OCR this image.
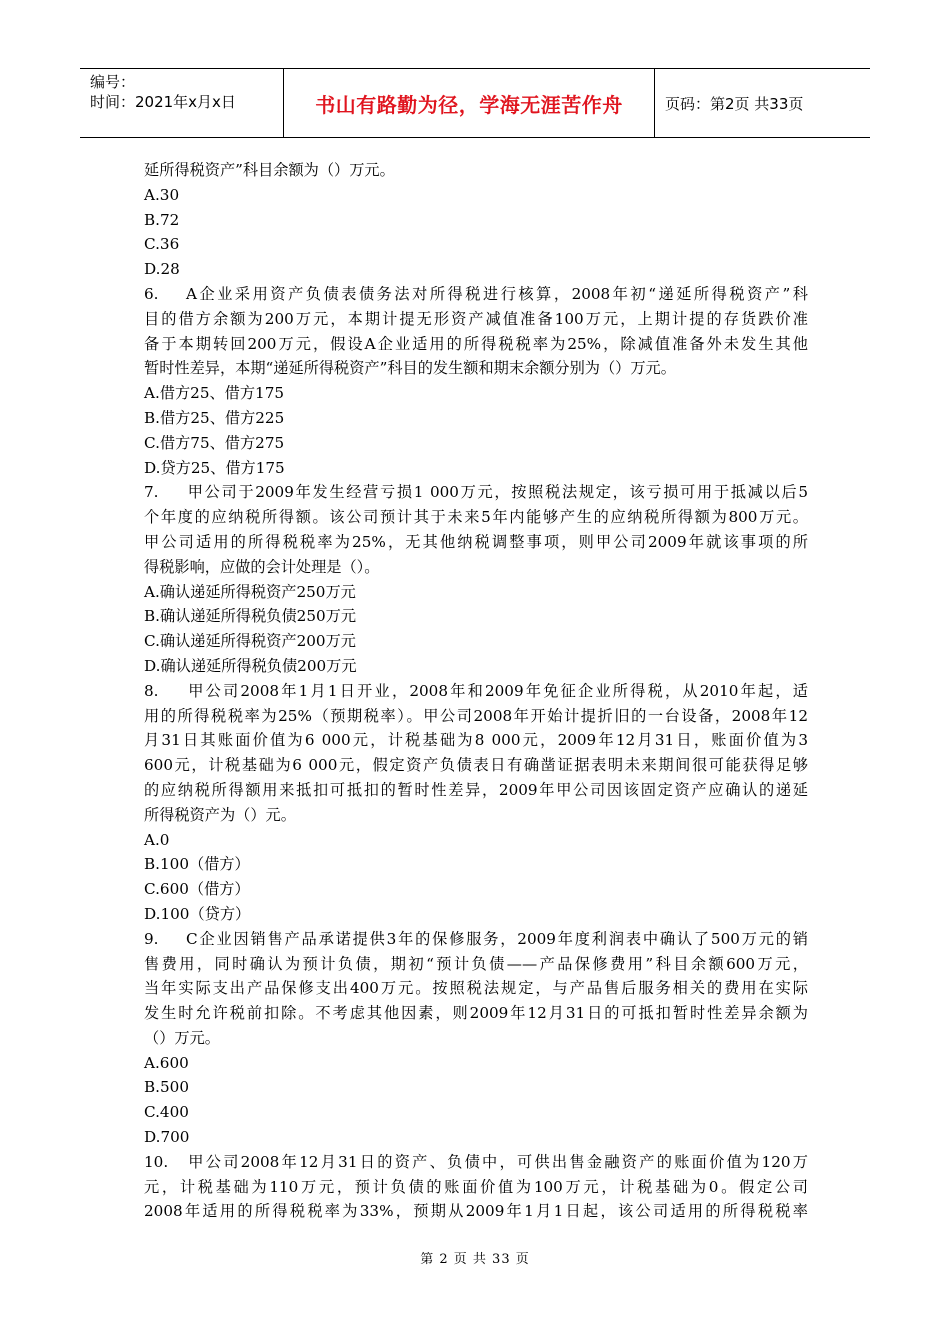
编号：
时间：2021年x月x日	书山有路勤为径，学海无涯苦作舟	页码：第2页 共33页
延所得税资产”科目余额为（）万元。
A.30
B.72
C.36
D.28
6. A企业采用资产负债表债务法对所得税进行核算，2008年初“递延所得税资产”科
目的借方余额为200万元，本期计提无形资产减值准备100万元，上期计提的存货跌价准
备于本期转回200万元，假设A企业适用的所得税税率为25%，除减值准备外未发生其他
暂时性差异，本期“递延所得税资产”科目的发生额和期末余额分别为（）万元。
A.借方25、借方175
B.借方25、借方225
C.借方75、借方275
D.贷方25、借方175
7. 甲公司于2009年发生经营亏损1 000万元，按照税法规定，该亏损可用于抵减以后5
个年度的应纳税所得额。该公司预计其于未来5年内能够产生的应纳税所得额为800万元。
甲公司适用的所得税税率为25%，无其他纳税调整事项，则甲公司2009年就该事项的所
得税影响，应做的会计处理是（）。
A.确认递延所得税资产250万元
B.确认递延所得税负债250万元
C.确认递延所得税资产200万元
D.确认递延所得税负债200万元
8. 甲公司2008年1月1日开业，2008年和2009年免征企业所得税，从2010年起，适
用的所得税税率为25%（预期税率）。甲公司2008年开始计提折旧的一台设备，2008年12
月31日其账面价值为6 000元，计税基础为8 000元，2009年12月31日，账面价值为3
600元，计税基础为6 000元，假定资产负债表日有确凿证据表明未来期间很可能获得足够
的应纳税所得额用来抵扣可抵扣的暂时性差异，2009年甲公司因该固定资产应确认的递延
所得税资产为（）元。
A.0
B.100（借方）
C.600（借方）
D.100（贷方）
9. C企业因销售产品承诺提供3年的保修服务，2009年度利润表中确认了500万元的销
售费用，同时确认为预计负债，期初“预计负债——产品保修费用”科目余额600万元，
当年实际支出产品保修支出400万元。按照税法规定，与产品售后服务相关的费用在实际
发生时允许税前扣除。不考虑其他因素，则2009年12月31日的可抵扣暂时性差异余额为
（）万元。
A.600
B.500
C.400
D.700
10. 甲公司2008年12月31日的资产、负债中，可供出售金融资产的账面价值为120万
元，计税基础为110万元，预计负债的账面价值为100万元，计税基础为0。假定公司
2008年适用的所得税税率为33%，预期从2009年1月1日起，该公司适用的所得税税率
第 2 页 共 33 页
